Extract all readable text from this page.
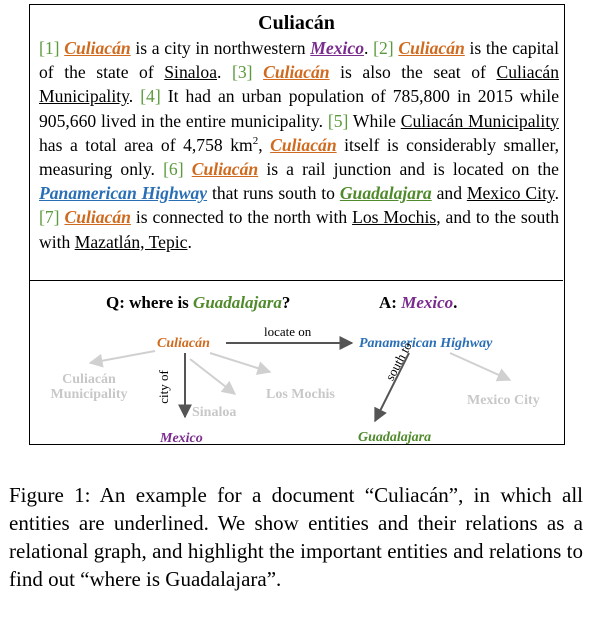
Culiacán
[1] Culiacán is a city in northwestern Mexico. [2] Culiacán is the capital of the state of Sinaloa. [3] Culiacán is also the seat of Culiacán Municipality. [4] It had an urban population of 785,800 in 2015 while 905,660 lived in the entire municipality. [5] While Culiacán Municipality has a total area of 4,758 $km^2$, Culiacán itself is considerably smaller, measuring only. [6] Culiacán is a rail junction and is located on the Panamerican Highway that runs south to Guadalajara and Mexico City. [7] Culiacán is connected to the north with Los Mochis, and to the south with Mazatlán, Tepic.
Q: where is Guadalajara?	A: Mexico.
Culiacán
locate on
Panamerican Highway
Culiacán
Municipality	city of	Los Mochis
Sinaloa
south to
Mexico City
Mexico	Guadalajara
Figure 1: An example for a document “Culiacán”, in which all entities are underlined. We show entities and their relations as a relational graph, and highlight the important entities and relations to find out “where is Guadalajara”.
